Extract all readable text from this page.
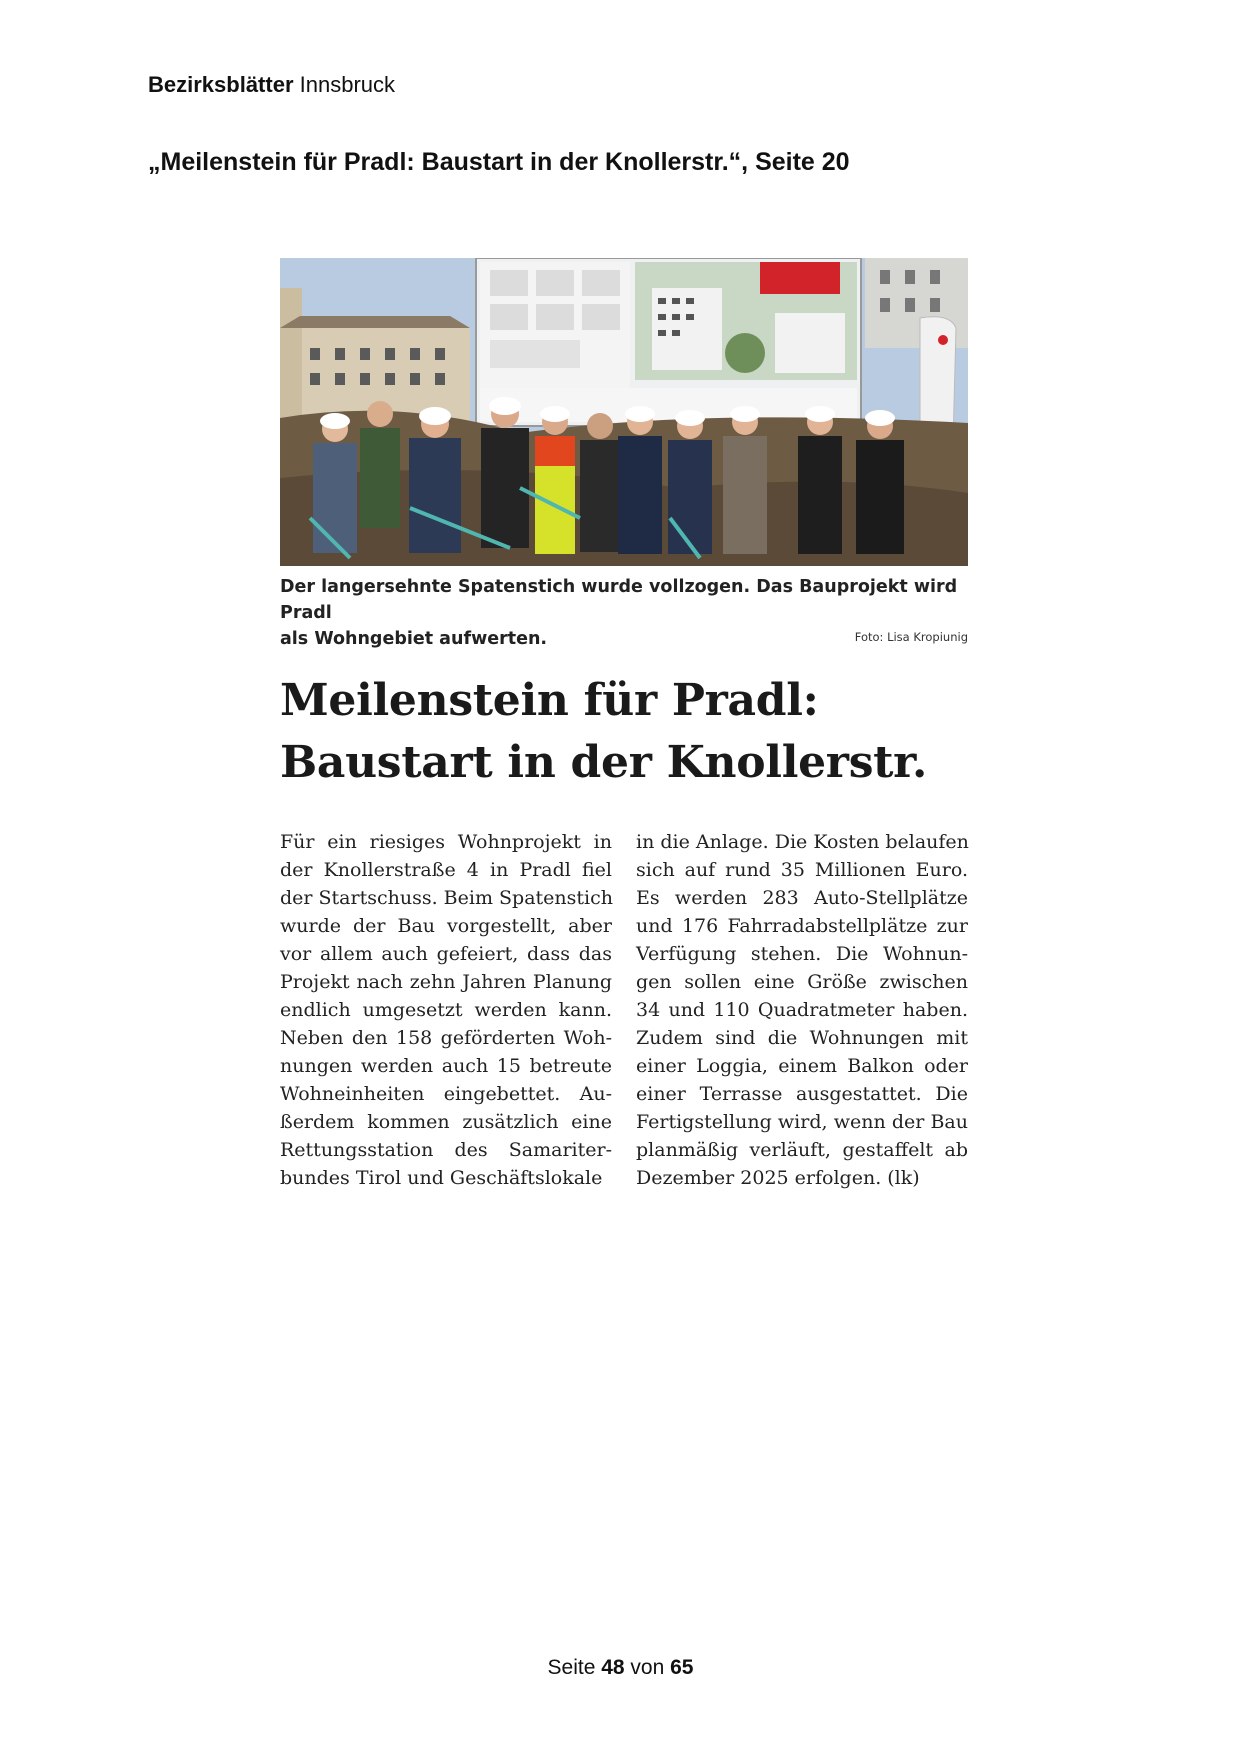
Bezirksblätter Innsbruck
„Meilenstein für Pradl: Baustart in der Knollerstr.“, Seite 20
Der langersehnte Spatenstich wurde vollzogen. Das Bauprojekt wird Pradl
als Wohngebiet aufwerten.	Foto: Lisa Kropiunig
Meilenstein für Pradl:
Baustart in der Knollerstr.
Für ein riesiges Wohnprojekt in
der Knollerstraße 4 in Pradl fiel
der Startschuss. Beim Spatenstich
wurde der Bau vorgestellt, aber
vor allem auch gefeiert, dass das
Projekt nach zehn Jahren Planung
endlich umgesetzt werden kann.
Neben den 158 geförderten Woh-
nungen werden auch 15 betreute
Wohneinheiten eingebettet. Au-
ßerdem kommen zusätzlich eine
Rettungsstation des Samariter-
bundes Tirol und Geschäftslokale
in die Anlage. Die Kosten belaufen
sich auf rund 35 Millionen Euro.
Es werden 283 Auto-Stellplätze
und 176 Fahrradabstellplätze zur
Verfügung stehen. Die Wohnun-
gen sollen eine Größe zwischen
34 und 110 Quadratmeter haben.
Zudem sind die Wohnungen mit
einer Loggia, einem Balkon oder
einer Terrasse ausgestattet. Die
Fertigstellung wird, wenn der Bau
planmäßig verläuft, gestaffelt ab
Dezember 2025 erfolgen. (lk)
Seite 48 von 65
